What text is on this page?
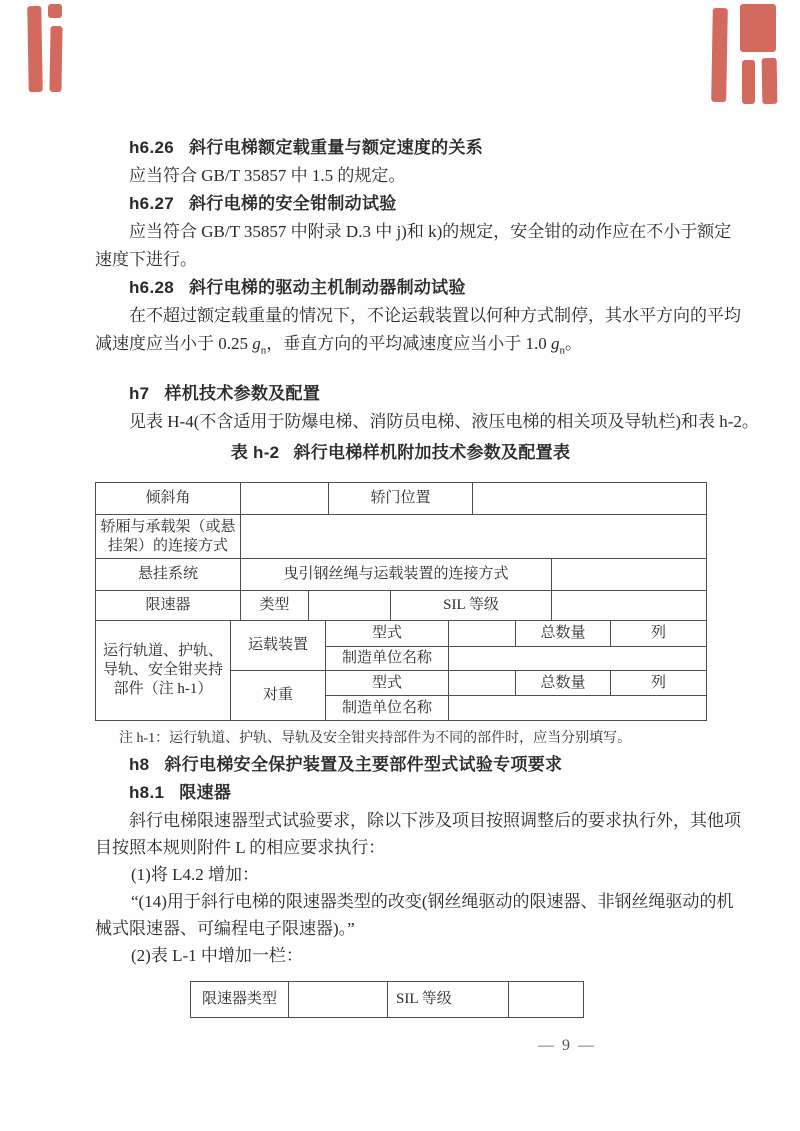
h6.26 斜行电梯额定载重量与额定速度的关系

应当符合 GB/T 35857 中 1.5 的规定。

h6.27 斜行电梯的安全钳制动试验

应当符合 GB/T 35857 中附录 D.3 中 j)和 k)的规定，安全钳的动作应在不小于额定

速度下进行。

h6.28 斜行电梯的驱动主机制动器制动试验

在不超过额定载重量的情况下，不论运载装置以何种方式制停，其水平方向的平均

减速度应当小于 0.25 $g_n$，垂直方向的平均减速度应当小于 1.0 $g_n$。

h7 样机技术参数及配置

见表 H-4(不含适用于防爆电梯、消防员电梯、液压电梯的相关项及导轨栏)和表 h-2。

表 h-2 斜行电梯样机附加技术参数及配置表

倾斜角			轿门位置			
轿厢与承载架（或悬挂架）的连接方式						
悬挂系统	曳引钢丝绳与运载装置的连接方式					
限速器	类型			SIL 等级		
运行轨道、护轨、导轨、安全钳夹持部件（注 h-1）	运载装置	型式		总数量	列
		制造单位名称			
	对重	型式		总数量	列
		制造单位名称			

注 h-1：运行轨道、护轨、导轨及安全钳夹持部件为不同的部件时，应当分别填写。

h8 斜行电梯安全保护装置及主要部件型式试验专项要求

h8.1 限速器

斜行电梯限速器型式试验要求，除以下涉及项目按照调整后的要求执行外，其他项

目按照本规则附件 L 的相应要求执行：

(1)将 L4.2 增加：

“(14)用于斜行电梯的限速器类型的改变(钢丝绳驱动的限速器、非钢丝绳驱动的机

械式限速器、可编程电子限速器)。”

(2)表 L-1 中增加一栏：

限速器类型		SIL 等级	
— 9 —
